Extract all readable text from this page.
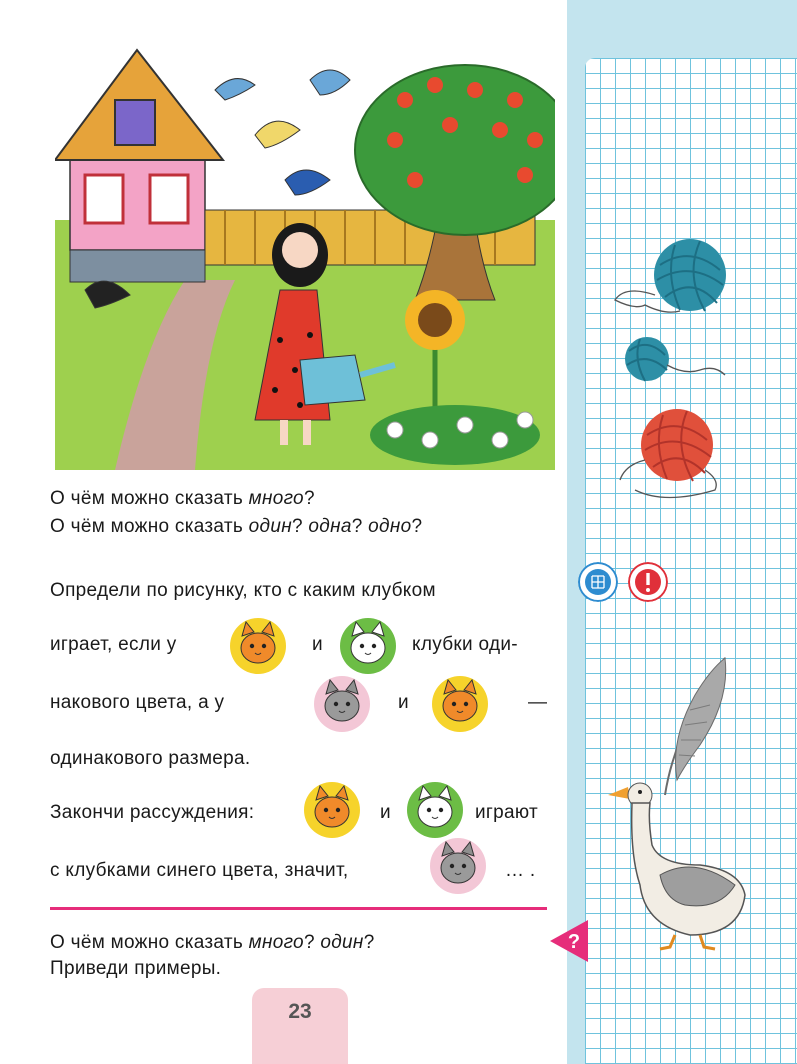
О чём можно сказать много?
О чём можно сказать один? одна? одно?
Определи по рисунку, кто с каким клубком
играет, если у	и	клубки оди-
накового цвета, а у	и	—
одинакового размера.
Закончи рассуждения:	и	играют
с клубками синего цвета, значит,	… .
О чём можно сказать много? один?
Приведи примеры.
?
23
